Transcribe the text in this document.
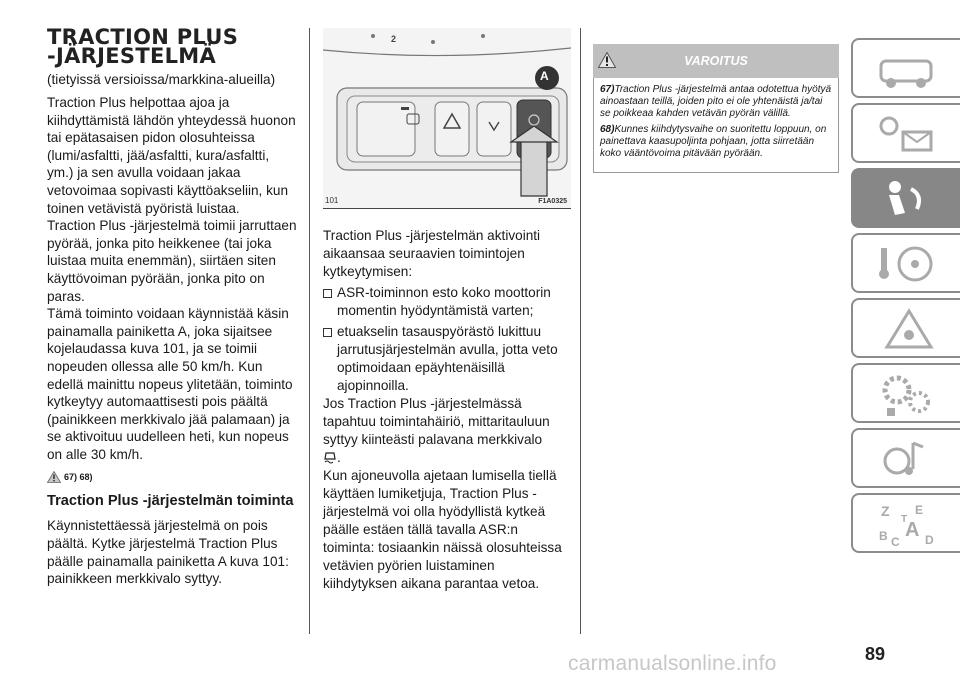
TRACTION PLUS
-JÄRJESTELMÄ
(tietyissä versioissa/markkina-alueilla)

Traction Plus helpottaa ajoa ja kiihdyttämistä lähdön yhteydessä huonon tai epätasaisen pidon olosuhteissa (lumi/asfaltti, jää/asfaltti, kura/asfaltti, ym.) ja sen avulla voidaan jakaa vetovoimaa sopivasti käyttöakseliin, kun toinen vetävistä pyöristä luistaa.

Traction Plus -järjestelmä toimii jarruttaen pyörää, jonka pito heikkenee (tai joka luistaa muita enemmän), siirtäen siten käyttövoiman pyörään, jonka pito on paras.

Tämä toiminto voidaan käynnistää käsin painamalla painiketta A, joka sijaitsee kojelaudassa kuva 101, ja se toimii nopeuden ollessa alle 50 km/h. Kun edellä mainittu nopeus ylitetään, toiminto kytkeytyy automaattisesti pois päältä (painikkeen merkkivalo jää palamaan) ja se aktivoituu uudelleen heti, kun nopeus on alle 30 km/h.

67) 68)
Traction Plus -järjestelmän toiminta

Käynnistettäessä järjestelmä on pois päältä. Kytke järjestelmä Traction Plus päälle painamalla painiketta A kuva 101: painikkeen merkkivalo syttyy.

2
A
101	F1A0325

Traction Plus -järjestelmän aktivointi aikaansaa seuraavien toimintojen kytkeytymisen:

ASR-toiminnon esto koko moottorin momentin hyödyntämistä varten;

etuakselin tasauspyörästö lukittuu jarrutusjärjestelmän avulla, jotta veto optimoidaan epäyhtenäisillä ajopinnoilla.

Jos Traction Plus -järjestelmässä tapahtuu toimintahäiriö, mittaritauluun syttyy kiinteästi palavana merkkivalo
.

Kun ajoneuvolla ajetaan lumisella tiellä käyttäen lumiketjuja, Traction Plus -järjestelmä voi olla hyödyllistä kytkeä päälle estäen tällä tavalla ASR:n toiminta: tosiaankin näissä olosuhteissa vetävien pyörien luistaminen kiihdytyksen aikana parantaa vetoa.

VAROITUS

67)Traction Plus -järjestelmä antaa odotettua hyötyä ainoastaan teillä, joiden pito ei ole yhtenäistä ja/tai se poikkeaa kahden vetävän pyörän välillä.

68)Kunnes kiihdytysvaihe on suoritettu loppuun, on painettava kaasupoljinta pohjaan, jotta siirretään koko vääntövoima pitävään pyörään.

Z E
B A
C
T
D
89
carmanualsonline.info
